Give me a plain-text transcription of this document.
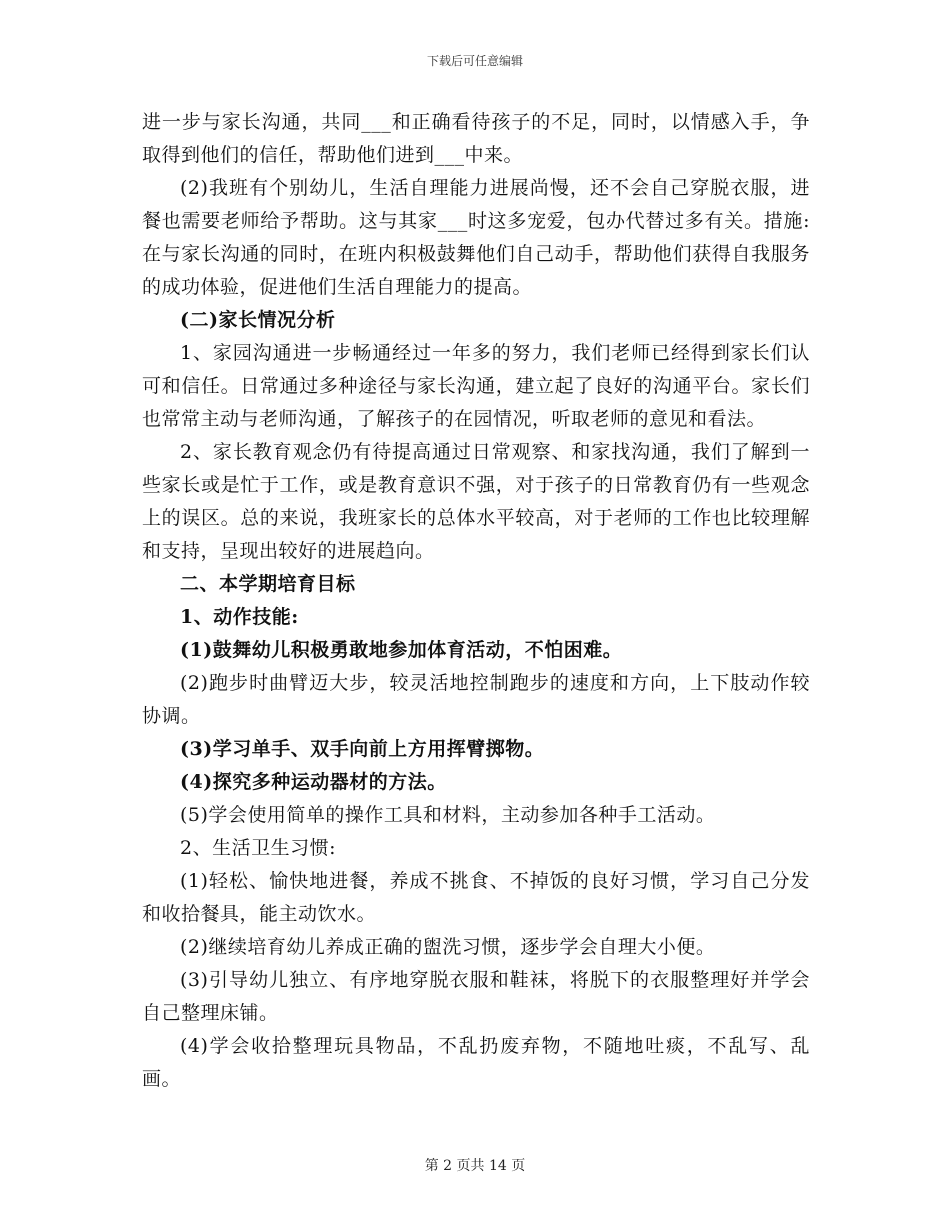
下载后可任意编辑

进一步与家长沟通，共同___和正确看待孩子的不足，同时，以情感入手，争取得到他们的信任，帮助他们进到___中来。

(2)我班有个别幼儿，生活自理能力进展尚慢，还不会自己穿脱衣服，进餐也需要老师给予帮助。这与其家___时这多宠爱，包办代替过多有关。措施:在与家长沟通的同时，在班内积极鼓舞他们自己动手，帮助他们获得自我服务的成功体验，促进他们生活自理能力的提高。

(二)家长情况分析

1、家园沟通进一步畅通经过一年多的努力，我们老师已经得到家长们认可和信任。日常通过多种途径与家长沟通，建立起了良好的沟通平台。家长们也常常主动与老师沟通，了解孩子的在园情况，听取老师的意见和看法。

2、家长教育观念仍有待提高通过日常观察、和家找沟通，我们了解到一些家长或是忙于工作，或是教育意识不强，对于孩子的日常教育仍有一些观念上的误区。总的来说，我班家长的总体水平较高，对于老师的工作也比较理解和支持，呈现出较好的进展趋向。

二、本学期培育目标

1、动作技能:

(1)鼓舞幼儿积极勇敢地参加体育活动，不怕困难。

(2)跑步时曲臂迈大步，较灵活地控制跑步的速度和方向，上下肢动作较协调。

(3)学习单手、双手向前上方用挥臂掷物。

(4)探究多种运动器材的方法。

(5)学会使用简单的操作工具和材料，主动参加各种手工活动。

2、生活卫生习惯:

(1)轻松、愉快地进餐，养成不挑食、不掉饭的良好习惯，学习自己分发和收拾餐具，能主动饮水。

(2)继续培育幼儿养成正确的盥洗习惯，逐步学会自理大小便。

(3)引导幼儿独立、有序地穿脱衣服和鞋袜，将脱下的衣服整理好并学会自己整理床铺。

(4)学会收拾整理玩具物品，不乱扔废弃物，不随地吐痰，不乱写、乱画。

第 2 页共 14 页
